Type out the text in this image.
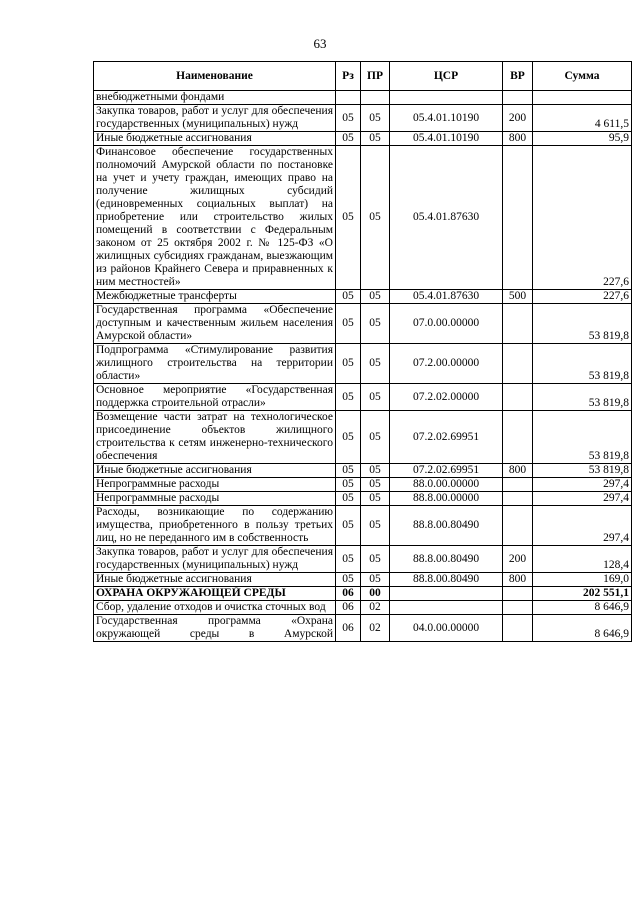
63
Наименование	Рз	ПР	ЦСР	ВР	Сумма
внебюджетными фондами					
Закупка товаров, работ и услуг для обеспечения государственных (муниципальных) нужд	05	05	05.4.01.10190	200	4 611,5
Иные бюджетные ассигнования	05	05	05.4.01.10190	800	95,9
Финансовое обеспечение государственных полномочий Амурской области по постановке на учет и учету граждан, имеющих право на получение жилищных субсидий (единовременных социальных выплат) на приобретение или строительство жилых помещений в соответствии с Федеральным законом от 25 октября 2002 г. № 125-ФЗ «О жилищных субсидиях гражданам, выезжающим из районов Крайнего Севера и приравненных к ним местностей»	05	05	05.4.01.87630		227,6
Межбюджетные трансферты	05	05	05.4.01.87630	500	227,6
Государственная программа «Обеспечение доступным и качественным жильем населения Амурской области»	05	05	07.0.00.00000		53 819,8
Подпрограмма «Стимулирование развития жилищного строительства на территории области»	05	05	07.2.00.00000		53 819,8
Основное мероприятие «Государственная поддержка строительной отрасли»	05	05	07.2.02.00000		53 819,8
Возмещение части затрат на технологическое присоединение объектов жилищного строительства к сетям инженерно-технического обеспечения	05	05	07.2.02.69951		53 819,8
Иные бюджетные ассигнования	05	05	07.2.02.69951	800	53 819,8
Непрограммные расходы	05	05	88.0.00.00000		297,4
Непрограммные расходы	05	05	88.8.00.00000		297,4
Расходы, возникающие по содержанию имущества, приобретенного в пользу третьих лиц, но не переданного им в собственность	05	05	88.8.00.80490		297,4
Закупка товаров, работ и услуг для обеспечения государственных (муниципальных) нужд	05	05	88.8.00.80490	200	128,4
Иные бюджетные ассигнования	05	05	88.8.00.80490	800	169,0
ОХРАНА ОКРУЖАЮЩЕЙ СРЕДЫ	06	00			202 551,1
Сбор, удаление отходов и очистка сточных вод	06	02			8 646,9
Государственная программа «Охрана окружающей среды в Амурской	06	02	04.0.00.00000		8 646,9
